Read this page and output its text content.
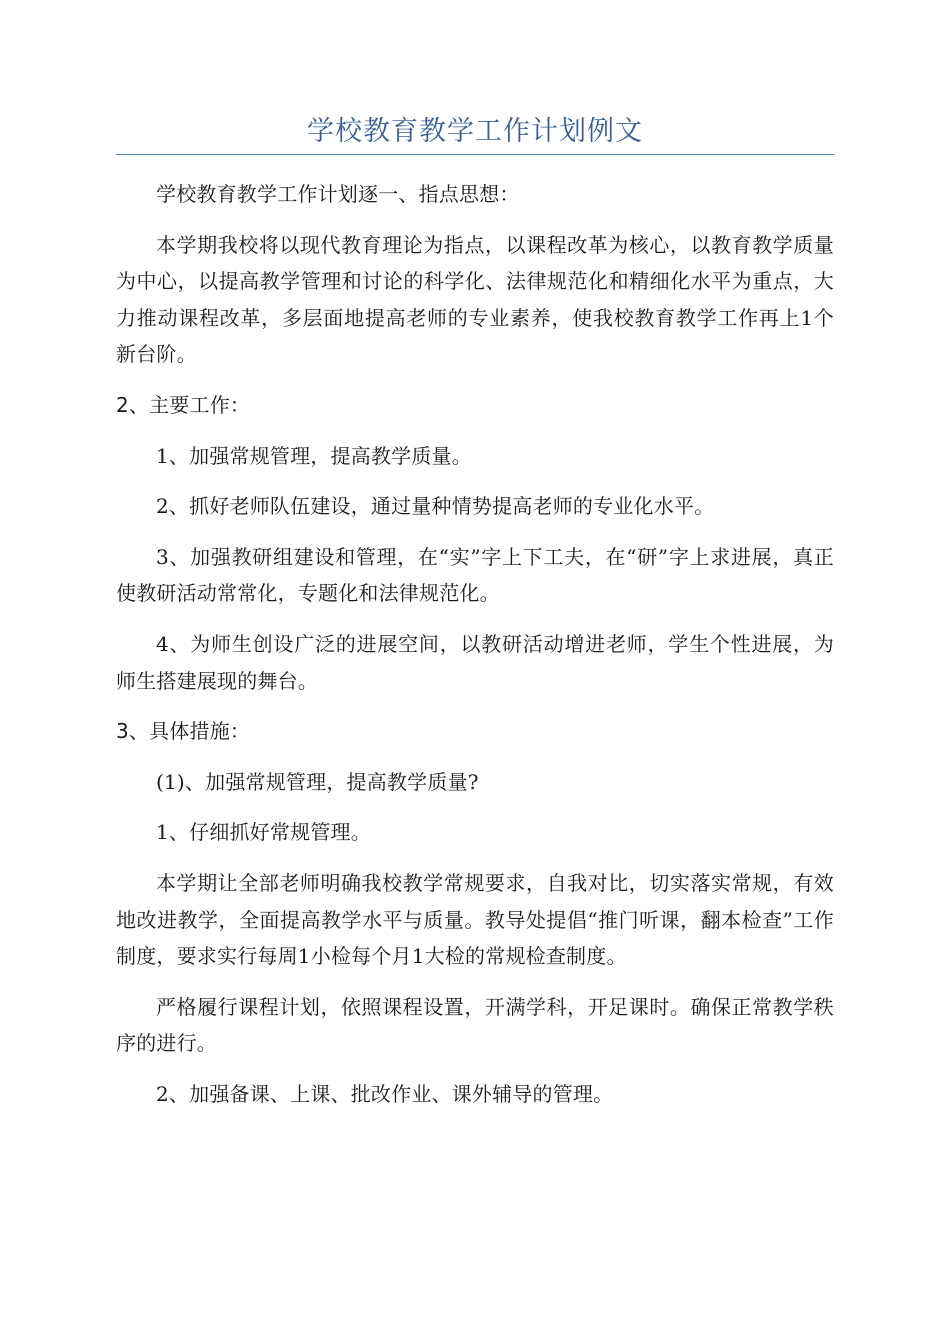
学校教育教学工作计划例文

学校教育教学工作计划逐一、指点思想：

本学期我校将以现代教育理论为指点，以课程改革为核心，以教育教学质量为中心，以提高教学管理和讨论的科学化、法律规范化和精细化水平为重点，大力推动课程改革，多层面地提高老师的专业素养，使我校教育教学工作再上1个新台阶。

2、主要工作：

1、加强常规管理，提高教学质量。

2、抓好老师队伍建设，通过量种情势提高老师的专业化水平。

3、加强教研组建设和管理，在“实”字上下工夫，在“研”字上求进展，真正使教研活动常常化，专题化和法律规范化。

4、为师生创设广泛的进展空间，以教研活动增进老师，学生个性进展，为师生搭建展现的舞台。

3、具体措施：

(1)、加强常规管理，提高教学质量?

1、仔细抓好常规管理。

本学期让全部老师明确我校教学常规要求，自我对比，切实落实常规，有效地改进教学，全面提高教学水平与质量。教导处提倡“推门听课，翻本检查”工作制度，要求实行每周1小检每个月1大检的常规检查制度。

严格履行课程计划，依照课程设置，开满学科，开足课时。确保正常教学秩序的进行。

2、加强备课、上课、批改作业、课外辅导的管理。
